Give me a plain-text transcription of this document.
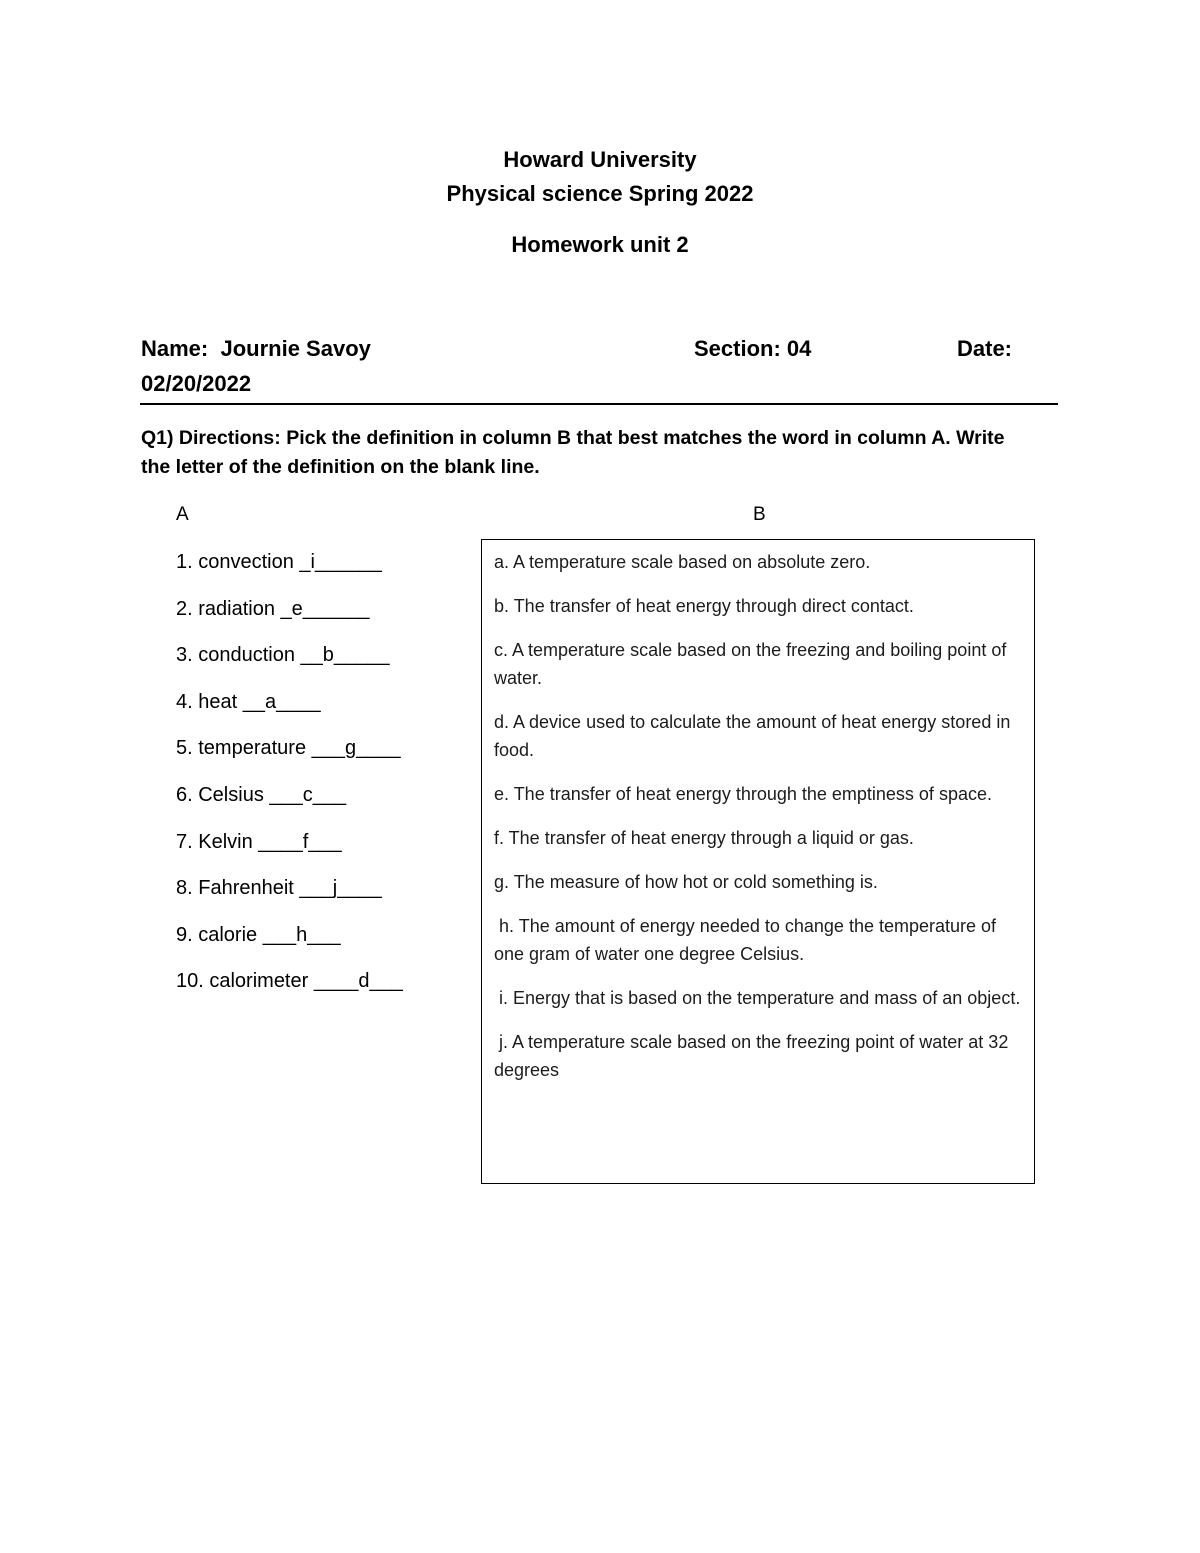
Howard University
Physical science Spring 2022
Homework unit 2
Name:  Journie Savoy	Section: 04	Date:
02/20/2022
Q1) Directions: Pick the definition in column B that best matches the word in column A. Write
the letter of the definition on the blank line.
A	B
1. convection _i______
2. radiation _e______
3. conduction __b_____
4. heat __a____
5. temperature ___g____
6. Celsius ___c___
7. Kelvin ____f___
8. Fahrenheit ___j____
9. calorie ___h___
10. calorimeter ____d___
a. A temperature scale based on absolute zero.
b. The transfer of heat energy through direct contact.
c. A temperature scale based on the freezing and boiling point of water.
d. A device used to calculate the amount of heat energy stored in food.
e. The transfer of heat energy through the emptiness of space.
f. The transfer of heat energy through a liquid or gas.
g. The measure of how hot or cold something is.
h. The amount of energy needed to change the temperature of one gram of water one degree Celsius.
i. Energy that is based on the temperature and mass of an object.
j. A temperature scale based on the freezing point of water at 32 degrees
